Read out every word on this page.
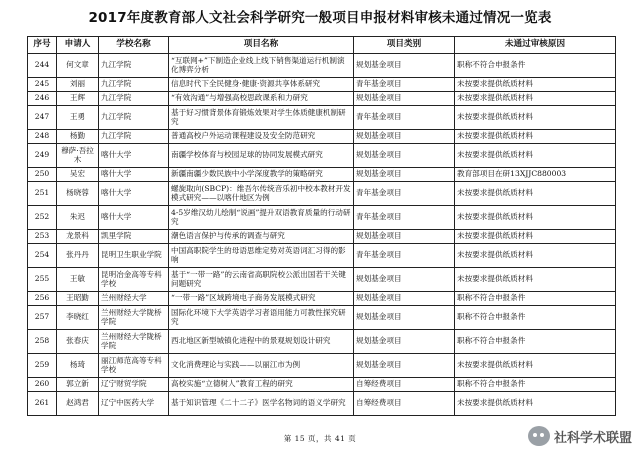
2017年度教育部人文社会科学研究一般项目申报材料审核未通过情况一览表
序号	申请人	学校名称	项目名称	项目类别	未通过审核原因
244	何文章	九江学院	“互联网+”下制造企业线上线下销售渠道运行机制演化博弈分析	规划基金项目	职称不符合申报条件
245	刘丽	九江学院	信息时代下全民健身·健康·资源共享体系研究	青年基金项目	未按要求提供纸质材料
246	王辉	九江学院	“有效沟通”与增强高校思政课系和力研究	规划基金项目	未按要求提供纸质材料
247	王勇	九江学院	基于好习惯背景体育锻炼效果对学生体质健康机制研究	青年基金项目	未按要求提供纸质材料
248	杨勤	九江学院	普通高校户外运动课程建设及安全防范研究	规划基金项目	未按要求提供纸质材料
249	穆萨·吾拉木	喀什大学	南疆学校体育与校园足球的协同发展模式研究	规划基金项目	未按要求提供纸质材料
250	吴宏	喀什大学	新疆南疆少数民族中小学深度教学的策略研究	规划基金项目	教育部项目在研13XJJC880003
251	杨晓蓉	喀什大学	螺旋取向(SBCP)：维吾尔传统音乐初中校本教材开发模式研究——以喀什地区为例	青年基金项目	未按要求提供纸质材料
252	朱迟	喀什大学	4-5岁维汉幼儿绘制“说画”提升双语教育质量的行动研究	青年基金项目	未按要求提供纸质材料
253	龙景科	凯里学院	潮色语言保护与传承的调查与研究	规划基金项目	未按要求提供纸质材料
254	张丹丹	昆明卫生职业学院	中国高职院学生的母语思维定势对英语词汇习得的影响	青年基金项目	未按要求提供纸质材料
255	王敏	昆明冶金高等专科学校	基于“一带一路”的云南省高职院校公派出国若干关键问题研究	规划基金项目	未按要求提供纸质材料
256	王昭勤	兰州财经大学	“一带一路”区域跨境电子商务发展模式研究	规划基金项目	职称不符合申报条件
257	李晓红	兰州财经大学陇桥学院	国际化环境下大学英语学习者语用能力可教性探究研究	规划基金项目	职称不符合申报条件
258	张春庆	兰州财经大学陇桥学院	西北地区新型城镇化进程中的景观规划设计研究	规划基金项目	职称不符合申报条件
259	杨琦	丽江师范高等专科学校	文化消费理论与实践——以丽江市为例	规划基金项目	未按要求提供纸质材料
260	郭立新	辽宁财贸学院	高校实施“立德树人”教育工程的研究	自筹经费项目	职称不符合申报条件
261	赵鸿君	辽宁中医药大学	基于知识管理《二十二子》医学名物词的语义学研究	自筹经费项目	未按要求提供纸质材料
第 15 页，共 41 页	社科学术联盟
